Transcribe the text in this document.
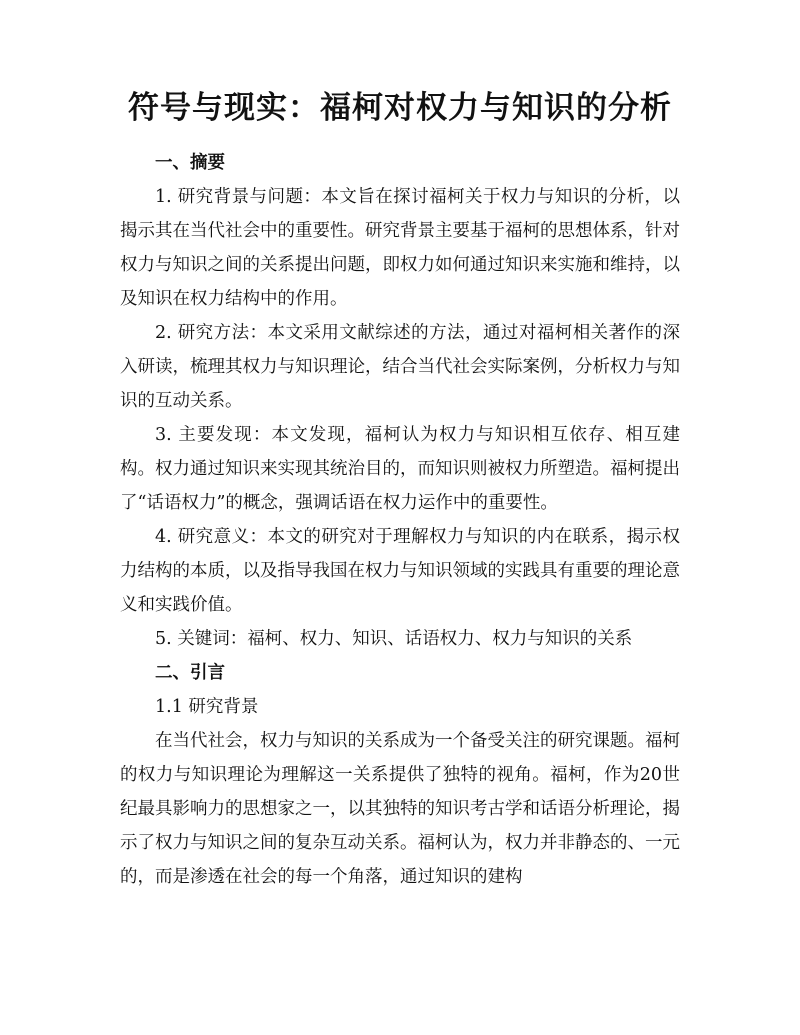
符号与现实：福柯对权力与知识的分析

一、摘要

1. 研究背景与问题：本文旨在探讨福柯关于权力与知识的分析，以揭示其在当代社会中的重要性。研究背景主要基于福柯的思想体系，针对权力与知识之间的关系提出问题，即权力如何通过知识来实施和维持，以及知识在权力结构中的作用。

2. 研究方法：本文采用文献综述的方法，通过对福柯相关著作的深入研读，梳理其权力与知识理论，结合当代社会实际案例，分析权力与知识的互动关系。

3. 主要发现：本文发现，福柯认为权力与知识相互依存、相互建构。权力通过知识来实现其统治目的，而知识则被权力所塑造。福柯提出了“话语权力”的概念，强调话语在权力运作中的重要性。

4. 研究意义：本文的研究对于理解权力与知识的内在联系，揭示权力结构的本质，以及指导我国在权力与知识领域的实践具有重要的理论意义和实践价值。

5. 关键词：福柯、权力、知识、话语权力、权力与知识的关系

二、引言

1.1 研究背景

在当代社会，权力与知识的关系成为一个备受关注的研究课题。福柯的权力与知识理论为理解这一关系提供了独特的视角。福柯，作为20世纪最具影响力的思想家之一，以其独特的知识考古学和话语分析理论，揭示了权力与知识之间的复杂互动关系。福柯认为，权力并非静态的、一元的，而是渗透在社会的每一个角落，通过知识的建构
